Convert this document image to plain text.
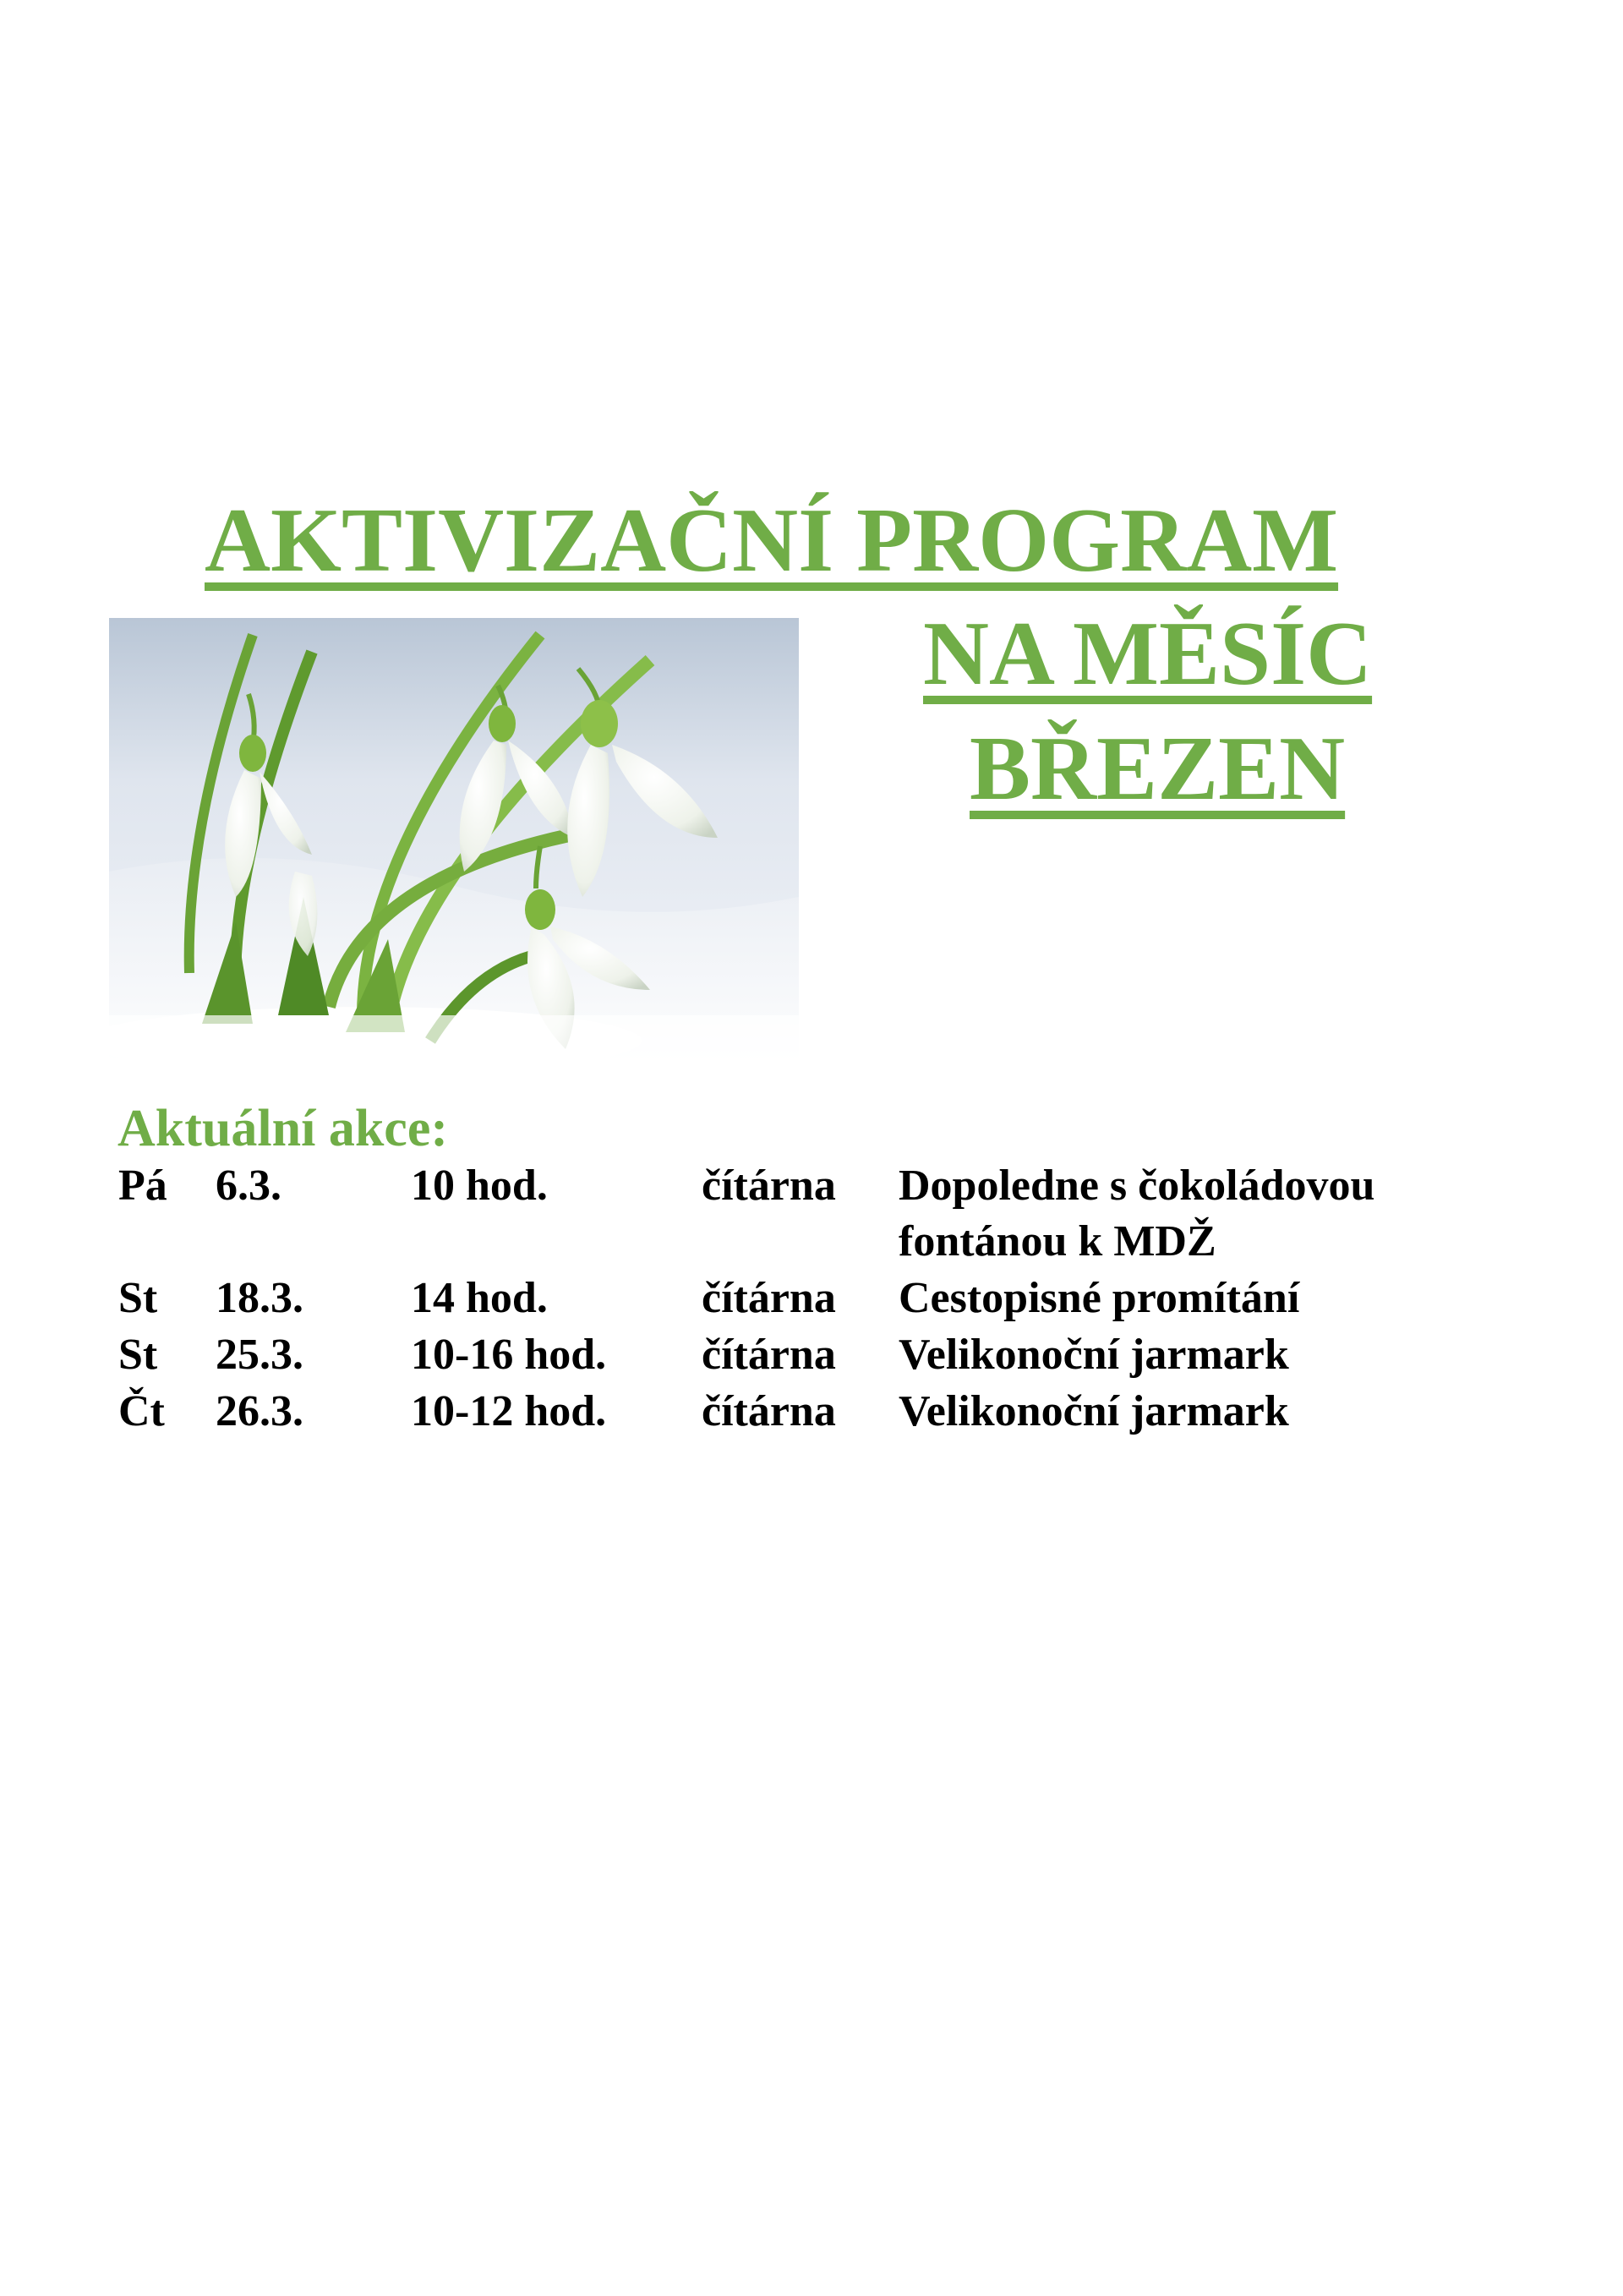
AKTIVIZAČNÍ PROGRAM
NA MĚSÍC
BŘEZEN
Aktuální akce:
Pá 6.3.	10 hod.	čítárna Dopoledne s čokoládovou
fontánou k MDŽ
St 18.3. 14 hod.	čítárna Cestopisné promítání
St 25.3. 10-16 hod. čítárna Velikonoční jarmark
Čt 26.3. 10-12 hod. čítárna Velikonoční jarmark
